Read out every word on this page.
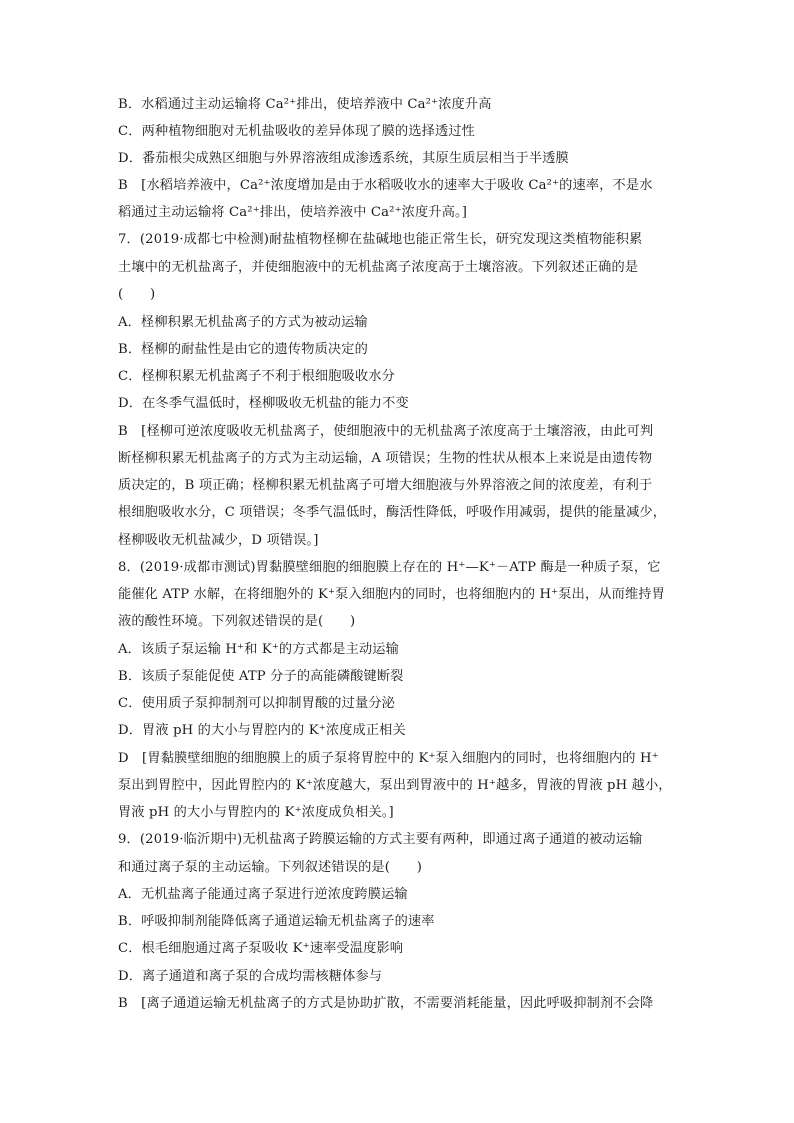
B．水稻通过主动运输将 Ca²⁺排出，使培养液中 Ca²⁺浓度升高
C．两种植物细胞对无机盐吸收的差异体现了膜的选择透过性
D．番茄根尖成熟区细胞与外界溶液组成渗透系统，其原生质层相当于半透膜
B　[水稻培养液中，Ca²⁺浓度增加是由于水稻吸收水的速率大于吸收 Ca²⁺的速率，不是水
稻通过主动运输将 Ca²⁺排出，使培养液中 Ca²⁺浓度升高。]
7．(2019·成都七中检测)耐盐植物柽柳在盐碱地也能正常生长，研究发现这类植物能积累
土壤中的无机盐离子，并使细胞液中的无机盐离子浓度高于土壤溶液。下列叙述正确的是
(　　)
A．柽柳积累无机盐离子的方式为被动运输
B．柽柳的耐盐性是由它的遗传物质决定的
C．柽柳积累无机盐离子不利于根细胞吸收水分
D．在冬季气温低时，柽柳吸收无机盐的能力不变
B　[柽柳可逆浓度吸收无机盐离子，使细胞液中的无机盐离子浓度高于土壤溶液，由此可判
断柽柳积累无机盐离子的方式为主动运输，A 项错误；生物的性状从根本上来说是由遗传物
质决定的，B 项正确；柽柳积累无机盐离子可增大细胞液与外界溶液之间的浓度差，有利于
根细胞吸收水分，C 项错误；冬季气温低时，酶活性降低，呼吸作用减弱，提供的能量减少，
柽柳吸收无机盐减少，D 项错误。]
8．(2019·成都市测试)胃黏膜壁细胞的细胞膜上存在的 H⁺—K⁺－ATP 酶是一种质子泵，它
能催化 ATP 水解，在将细胞外的 K⁺泵入细胞内的同时，也将细胞内的 H⁺泵出，从而维持胃
液的酸性环境。下列叙述错误的是(　　)
A．该质子泵运输 H⁺和 K⁺的方式都是主动运输
B．该质子泵能促使 ATP 分子的高能磷酸键断裂
C．使用质子泵抑制剂可以抑制胃酸的过量分泌
D．胃液 pH 的大小与胃腔内的 K⁺浓度成正相关
D　[胃黏膜壁细胞的细胞膜上的质子泵将胃腔中的 K⁺泵入细胞内的同时，也将细胞内的 H⁺
泵出到胃腔中，因此胃腔内的 K⁺浓度越大，泵出到胃液中的 H⁺越多，胃液的胃液 pH 越小，
胃液 pH 的大小与胃腔内的 K⁺浓度成负相关。]
9．(2019·临沂期中)无机盐离子跨膜运输的方式主要有两种，即通过离子通道的被动运输
和通过离子泵的主动运输。下列叙述错误的是(　　)
A．无机盐离子能通过离子泵进行逆浓度跨膜运输
B．呼吸抑制剂能降低离子通道运输无机盐离子的速率
C．根毛细胞通过离子泵吸收 K⁺速率受温度影响
D．离子通道和离子泵的合成均需核糖体参与
B　[离子通道运输无机盐离子的方式是协助扩散，不需要消耗能量，因此呼吸抑制剂不会降
